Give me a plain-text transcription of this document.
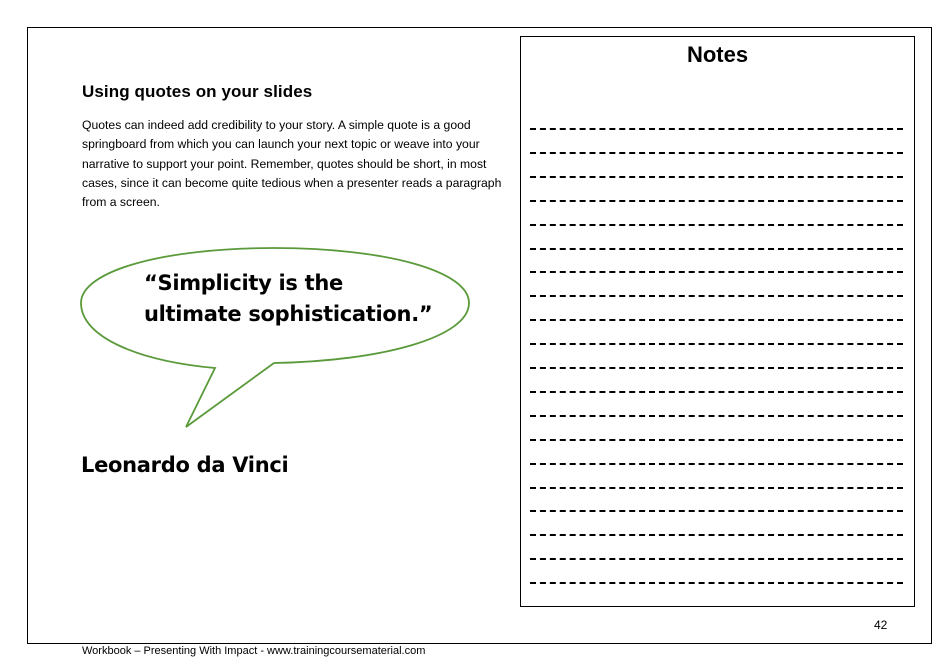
Using quotes on your slides

Quotes can indeed add credibility to your story. A simple quote is a good springboard from which you can launch your next topic or weave into your narrative to support your point. Remember, quotes should be short, in most cases, since it can become quite tedious when a presenter reads a paragraph from a screen.

“Simplicity is the
ultimate sophistication.”
Leonardo da Vinci
Notes
42
Workbook – Presenting With Impact - www.trainingcoursematerial.com
